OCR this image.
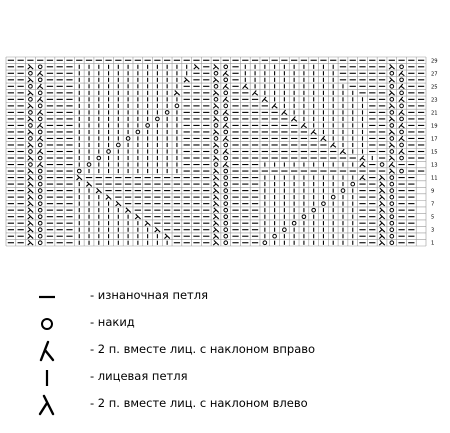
1
3
5
7
9
11
13
15
17
19
21
23
25
27
29
- изнаночная петля
- накид
- 2 п. вместе лиц. с наклоном вправо
- лицевая петля
- 2 п. вместе лиц. с наклоном влево
